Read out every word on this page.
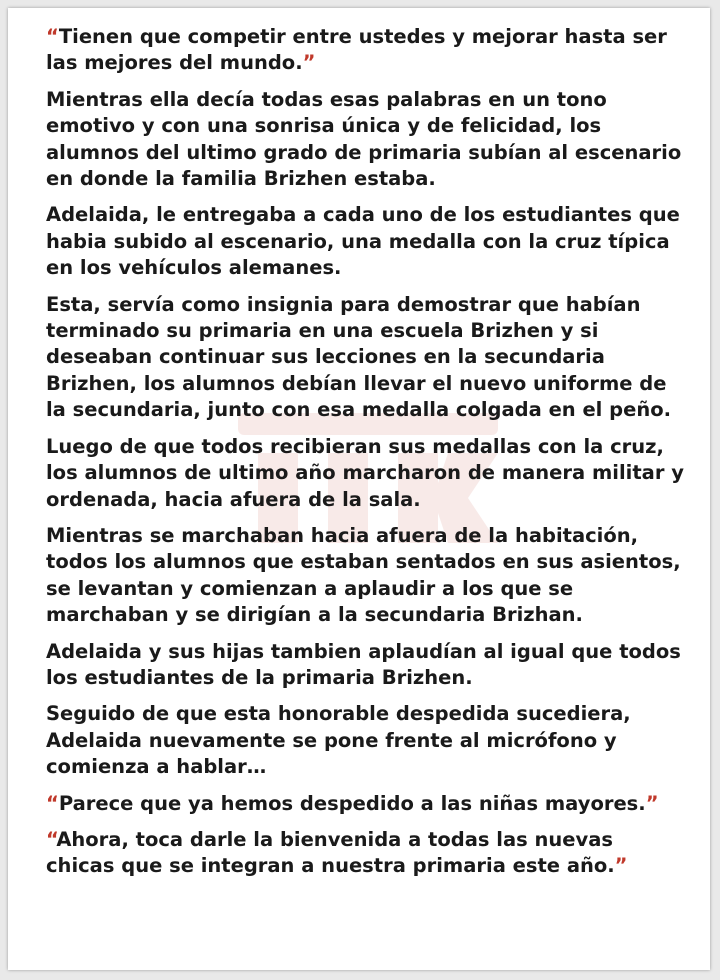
“Tienen que competir entre ustedes y mejorar hasta ser las mejores del mundo.”

Mientras ella decía todas esas palabras en un tono emotivo y con una sonrisa única y de felicidad, los alumnos del ultimo grado de primaria subían al escenario en donde la familia Brizhen estaba.

Adelaida, le entregaba a cada uno de los estudiantes que habia subido al escenario, una medalla con la cruz típica en los vehículos alemanes.

Esta, servía como insignia para demostrar que habían terminado su primaria en una escuela Brizhen y si deseaban continuar sus lecciones en la secundaria Brizhen, los alumnos debían llevar el nuevo uniforme de la secundaria, junto con esa medalla colgada en el peño.

Luego de que todos recibieran sus medallas con la cruz, los alumnos de ultimo año marcharon de manera militar y ordenada, hacia afuera de la sala.

Mientras se marchaban hacia afuera de la habitación, todos los alumnos que estaban sentados en sus asientos, se levantan y comienzan a aplaudir a los que se marchaban y se dirigían a la secundaria Brizhan.

Adelaida y sus hijas tambien aplaudían al igual que todos los estudiantes de la primaria Brizhen.

Seguido de que esta honorable despedida sucediera, Adelaida nuevamente se pone frente al micrófono y comienza a hablar…

“Parece que ya hemos despedido a las niñas mayores.”

“Ahora, toca darle la bienvenida a todas las nuevas chicas que se integran a nuestra primaria este año.”
